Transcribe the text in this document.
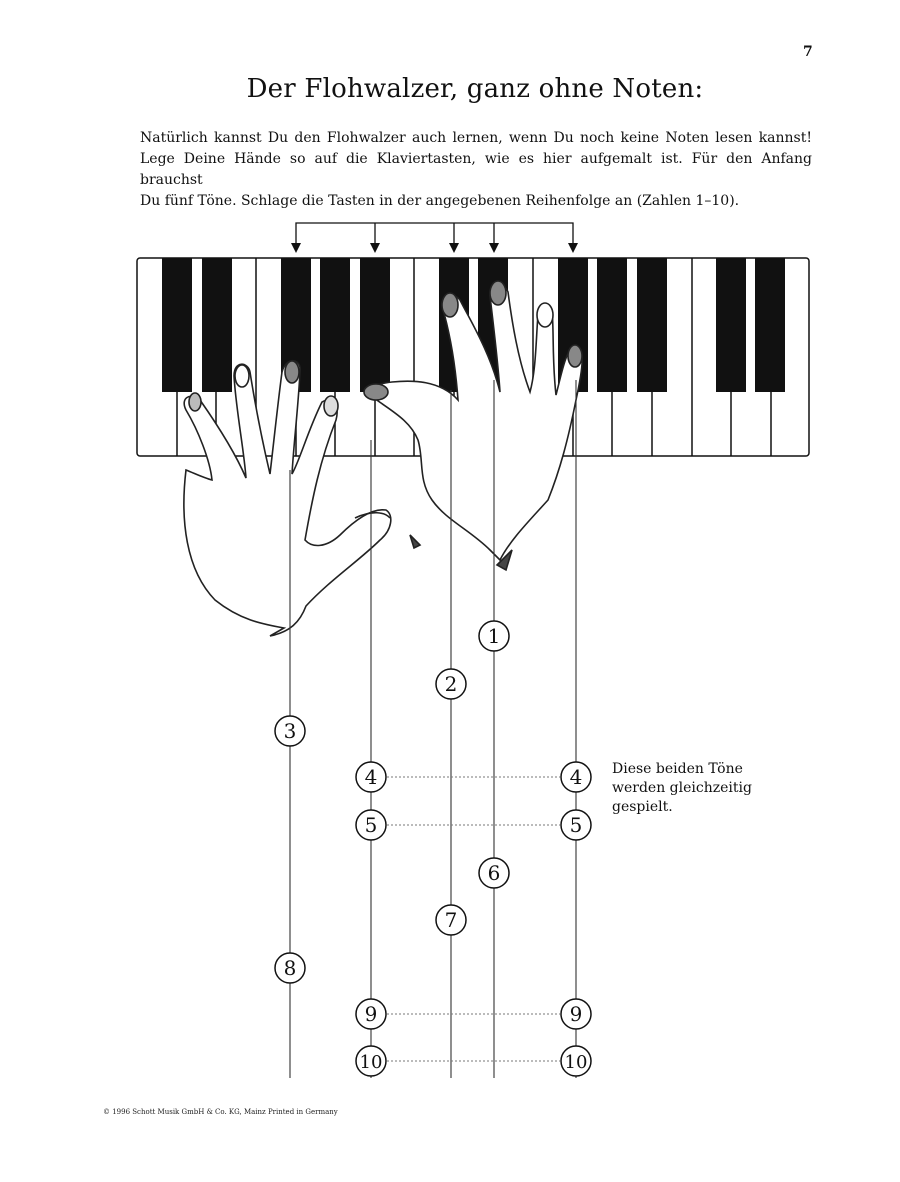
7
Der Flohwalzer, ganz ohne Noten:

Natürlich kannst Du den Flohwalzer auch lernen, wenn Du noch keine Noten lesen kannst!

Lege Deine Hände so auf die Klaviertasten, wie es hier aufgemalt ist. Für den Anfang brauchst

Du fünf Töne. Schlage die Tasten in der angegebenen Reihenfolge an (Zahlen 1–10).

1
2
3
4	4
5	5
6
7
8
9	9
10	10
Diese beiden Töne
werden gleichzeitig
gespielt.
© 1996 Schott Musik GmbH & Co. KG, Mainz Printed in Germany
